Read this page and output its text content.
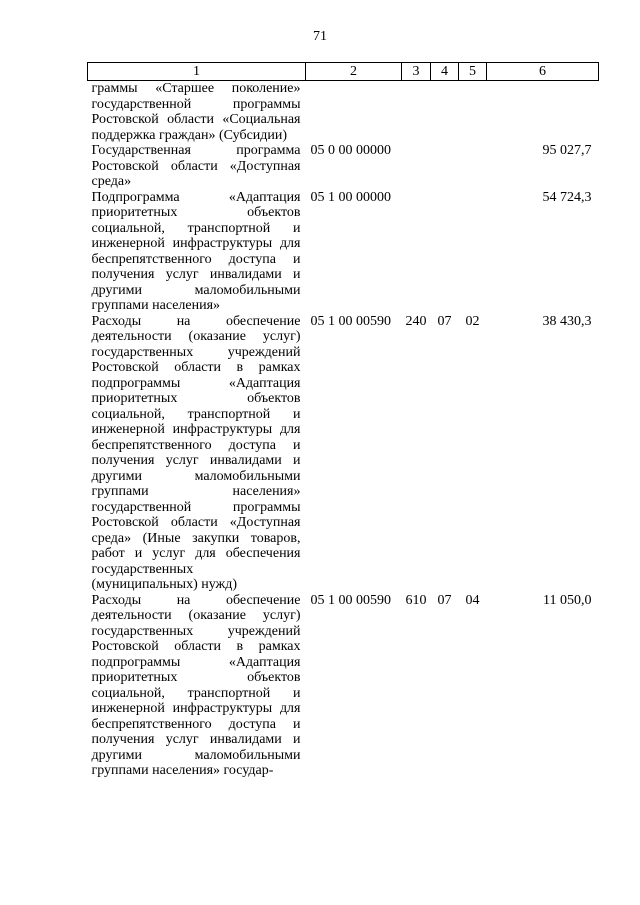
71
1	2	3	4	5	6
граммы «Старшее поколение» государственной программы Ростовской области «Социальная поддержка граждан» (Субсидии)					
Государственная программа Ростовской области «Доступная среда»	05 0 00 00000				95 027,7
Подпрограмма «Адаптация приоритетных объектов социальной, транспортной и инженерной инфраструктуры для беспрепятственного доступа и получения услуг инвалидами и другими маломобильными группами населения»	05 1 00 00000				54 724,3
Расходы на обеспечение деятельности (оказание услуг) государственных учреждений Ростовской области в рамках подпрограммы «Адаптация приоритетных объектов социальной, транспортной и инженерной инфраструктуры для беспрепятственного доступа и получения услуг инвалидами и другими маломобильными группами населения» государственной программы Ростовской области «Доступная среда» (Иные закупки товаров, работ и услуг для обеспечения государственных (муниципальных) нужд)	05 1 00 00590	240	07	02	38 430,3
Расходы на обеспечение деятельности (оказание услуг) государственных учреждений Ростовской области в рамках подпрограммы «Адаптация приоритетных объектов социальной, транспортной и инженерной инфраструктуры для беспрепятственного доступа и получения услуг инвалидами и другими маломобильными группами населения» государ-	05 1 00 00590	610	07	04	11 050,0
